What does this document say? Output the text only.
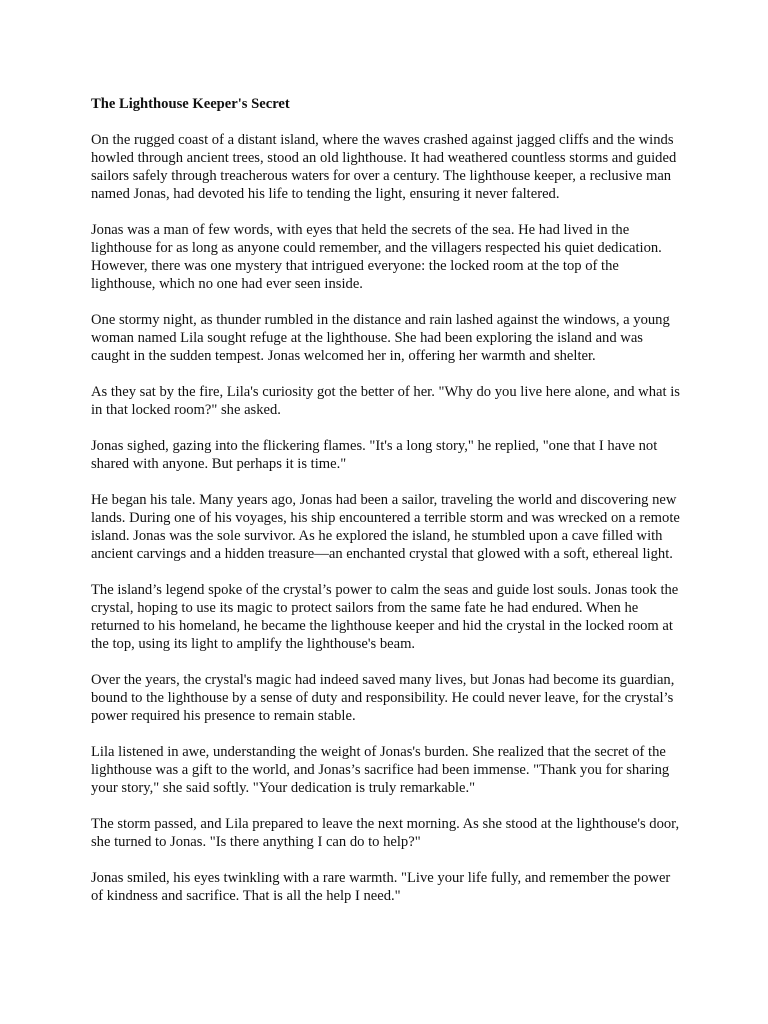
The Lighthouse Keeper's Secret

On the rugged coast of a distant island, where the waves crashed against jagged cliffs and the winds howled through ancient trees, stood an old lighthouse. It had weathered countless storms and guided sailors safely through treacherous waters for over a century. The lighthouse keeper, a reclusive man named Jonas, had devoted his life to tending the light, ensuring it never faltered.

Jonas was a man of few words, with eyes that held the secrets of the sea. He had lived in the lighthouse for as long as anyone could remember, and the villagers respected his quiet dedication. However, there was one mystery that intrigued everyone: the locked room at the top of the lighthouse, which no one had ever seen inside.

One stormy night, as thunder rumbled in the distance and rain lashed against the windows, a young woman named Lila sought refuge at the lighthouse. She had been exploring the island and was caught in the sudden tempest. Jonas welcomed her in, offering her warmth and shelter.

As they sat by the fire, Lila's curiosity got the better of her. "Why do you live here alone, and what is in that locked room?" she asked.

Jonas sighed, gazing into the flickering flames. "It's a long story," he replied, "one that I have not shared with anyone. But perhaps it is time."

He began his tale. Many years ago, Jonas had been a sailor, traveling the world and discovering new lands. During one of his voyages, his ship encountered a terrible storm and was wrecked on a remote island. Jonas was the sole survivor. As he explored the island, he stumbled upon a cave filled with ancient carvings and a hidden treasure—an enchanted crystal that glowed with a soft, ethereal light.

The island’s legend spoke of the crystal’s power to calm the seas and guide lost souls. Jonas took the crystal, hoping to use its magic to protect sailors from the same fate he had endured. When he returned to his homeland, he became the lighthouse keeper and hid the crystal in the locked room at the top, using its light to amplify the lighthouse's beam.

Over the years, the crystal's magic had indeed saved many lives, but Jonas had become its guardian, bound to the lighthouse by a sense of duty and responsibility. He could never leave, for the crystal’s power required his presence to remain stable.

Lila listened in awe, understanding the weight of Jonas's burden. She realized that the secret of the lighthouse was a gift to the world, and Jonas’s sacrifice had been immense. "Thank you for sharing your story," she said softly. "Your dedication is truly remarkable."

The storm passed, and Lila prepared to leave the next morning. As she stood at the lighthouse's door, she turned to Jonas. "Is there anything I can do to help?"

Jonas smiled, his eyes twinkling with a rare warmth. "Live your life fully, and remember the power of kindness and sacrifice. That is all the help I need."
